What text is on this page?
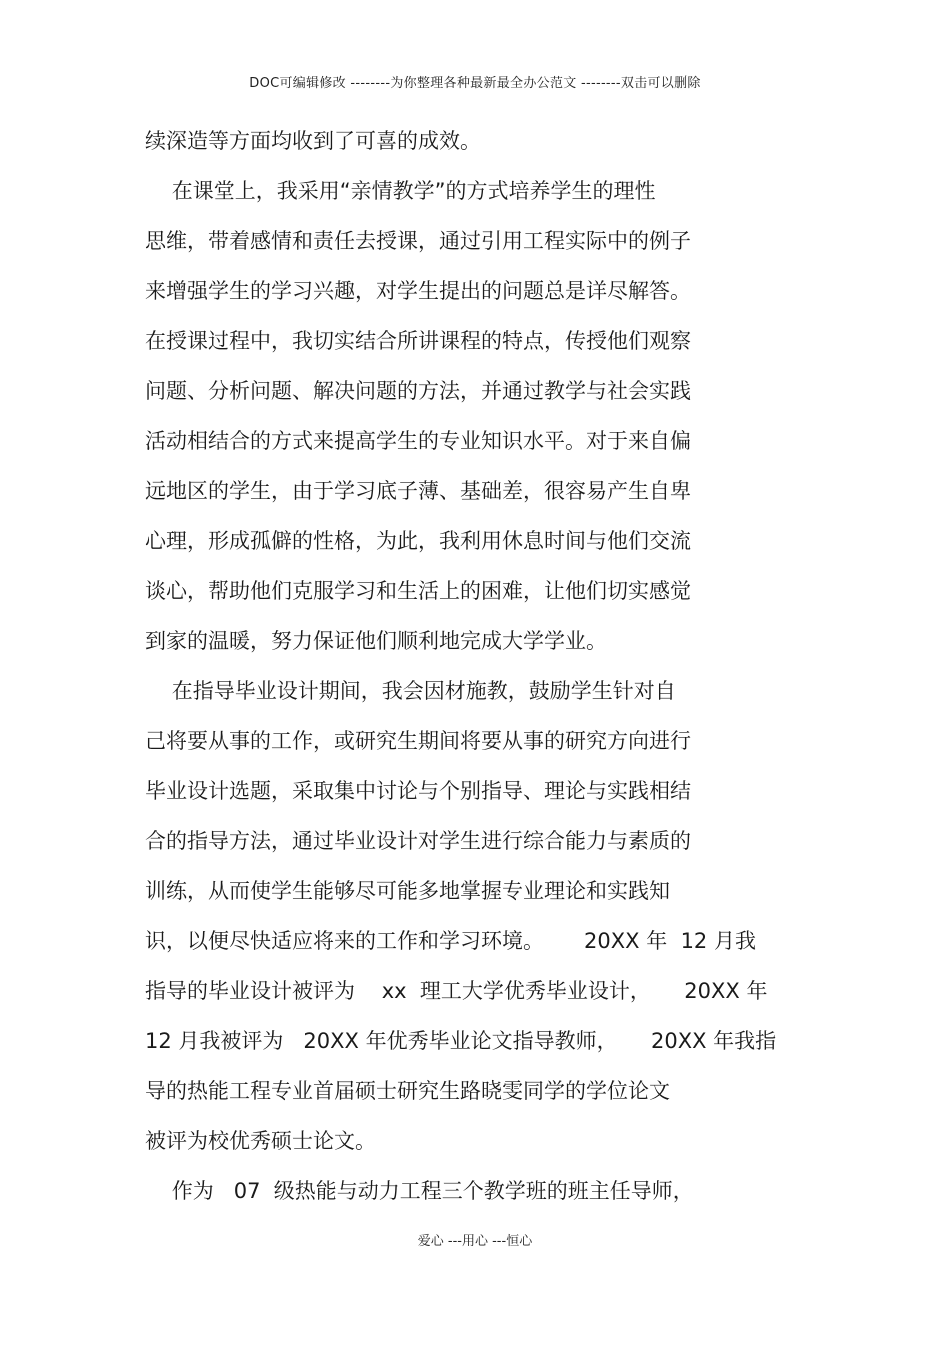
DOC可编辑修改 --------为你整理各种最新最全办公范文 --------双击可以删除
续深造等方面均收到了可喜的成效。
在课堂上，我采用“亲情教学”的方式培养学生的理性
思维，带着感情和责任去授课，通过引用工程实际中的例子
来增强学生的学习兴趣，对学生提出的问题总是详尽解答。
在授课过程中，我切实结合所讲课程的特点，传授他们观察
问题、分析问题、解决问题的方法，并通过教学与社会实践
活动相结合的方式来提高学生的专业知识水平。对于来自偏
远地区的学生，由于学习底子薄、基础差，很容易产生自卑
心理，形成孤僻的性格，为此，我利用休息时间与他们交流
谈心，帮助他们克服学习和生活上的困难，让他们切实感觉
到家的温暖，努力保证他们顺利地完成大学学业。
在指导毕业设计期间，我会因材施教，鼓励学生针对自
己将要从事的工作，或研究生期间将要从事的研究方向进行
毕业设计选题，采取集中讨论与个别指导、理论与实践相结
合的指导方法，通过毕业设计对学生进行综合能力与素质的
训练，从而使学生能够尽可能多地掌握专业理论和实践知
识，以便尽快适应将来的工作和学习环境。      20XX 年  12 月我
指导的毕业设计被评为    xx  理工大学优秀毕业设计，     20XX 年
12 月我被评为   20XX 年优秀毕业论文指导教师，     20XX 年我指
导的热能工程专业首届硕士研究生路晓雯同学的学位论文
被评为校优秀硕士论文。
作为   07  级热能与动力工程三个教学班的班主任导师，
爱心 ---用心 ---恒心
